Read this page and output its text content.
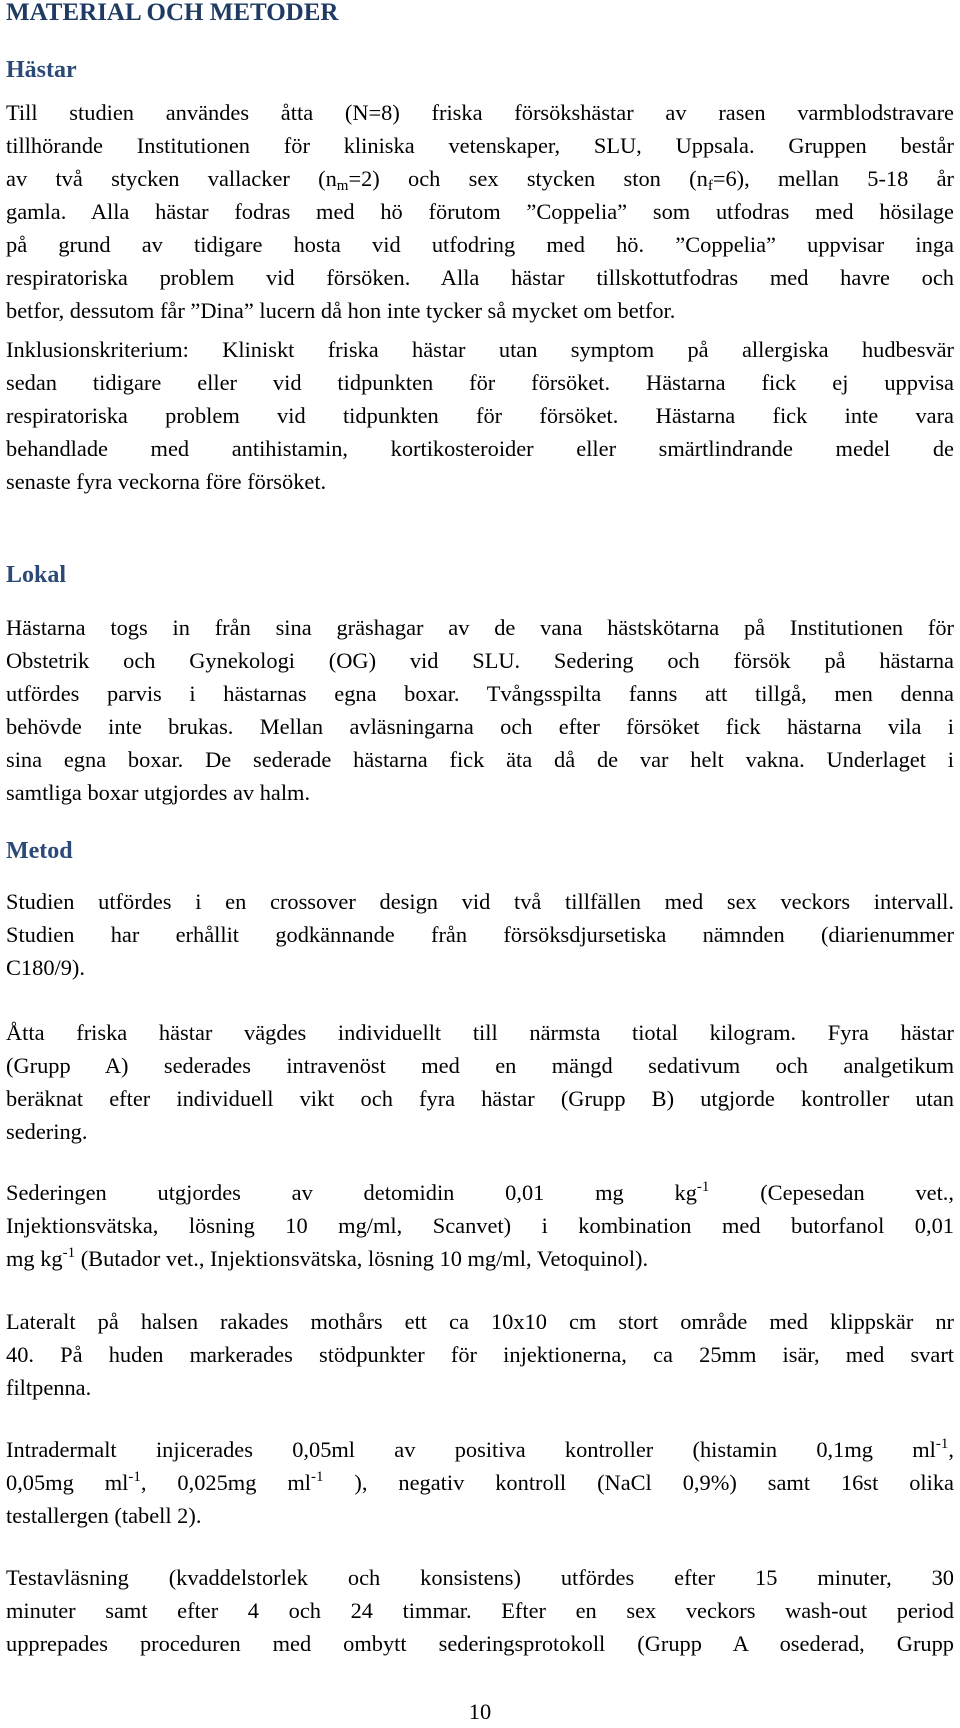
MATERIAL OCH METODER
Hästar
Till studien användes åtta (N=8) friska försökshästar av rasen varmblodstravare
tillhörande Institutionen för kliniska vetenskaper, SLU, Uppsala. Gruppen består
av två stycken vallacker $(n_m=2)$ och sex stycken ston $(n_f=6)$, mellan 5-18 år
gamla. Alla hästar fodras med hö förutom ”Coppelia” som utfodras med hösilage
på grund av tidigare hosta vid utfodring med hö. ”Coppelia” uppvisar inga
respiratoriska problem vid försöken. Alla hästar tillskottutfodras med havre och
betfor, dessutom får ”Dina” lucern då hon inte tycker så mycket om betfor.
Inklusionskriterium: Kliniskt friska hästar utan symptom på allergiska hudbesvär
sedan tidigare eller vid tidpunkten för försöket. Hästarna fick ej uppvisa
respiratoriska problem vid tidpunkten för försöket. Hästarna fick inte vara
behandlade med antihistamin, kortikosteroider eller smärtlindrande medel de
senaste fyra veckorna före försöket.
Lokal
Hästarna togs in från sina gräshagar av de vana hästskötarna på Institutionen för
Obstetrik och Gynekologi (OG) vid SLU. Sedering och försök på hästarna
utfördes parvis i hästarnas egna boxar. Tvångsspilta fanns att tillgå, men denna
behövde inte brukas. Mellan avläsningarna och efter försöket fick hästarna vila i
sina egna boxar. De sederade hästarna fick äta då de var helt vakna. Underlaget i
samtliga boxar utgjordes av halm.
Metod
Studien utfördes i en crossover design vid två tillfällen med sex veckors intervall.
Studien har erhållit godkännande från försöksdjursetiska nämnden (diarienummer
C180/9).
Åtta friska hästar vägdes individuellt till närmsta tiotal kilogram. Fyra hästar
(Grupp A) sederades intravenöst med en mängd sedativum och analgetikum
beräknat efter individuell vikt och fyra hästar (Grupp B) utgjorde kontroller utan
sedering.
Sederingen utgjordes av detomidin 0,01 mg $kg^{-1}$ (Cepesedan vet.,
Injektionsvätska, lösning 10 mg/ml, Scanvet) i kombination med butorfanol 0,01
mg $kg^{-1}$ (Butador vet., Injektionsvätska, lösning 10 mg/ml, Vetoquinol).
Lateralt på halsen rakades mothårs ett ca 10x10 cm stort område med klippskär nr
40. På huden markerades stödpunkter för injektionerna, ca 25mm isär, med svart
filtpenna.
Intradermalt injicerades 0,05ml av positiva kontroller (histamin 0,1mg $ml^{-1}$,
0,05mg $ml^{-1}$, 0,025mg $ml^{-1}$ ), negativ kontroll (NaCl 0,9%) samt 16st olika
testallergen (tabell 2).
Testavläsning (kvaddelstorlek och konsistens) utfördes efter 15 minuter, 30
minuter samt efter 4 och 24 timmar. Efter en sex veckors wash-out period
upprepades proceduren med ombytt sederingsprotokoll (Grupp A osederad, Grupp
10
